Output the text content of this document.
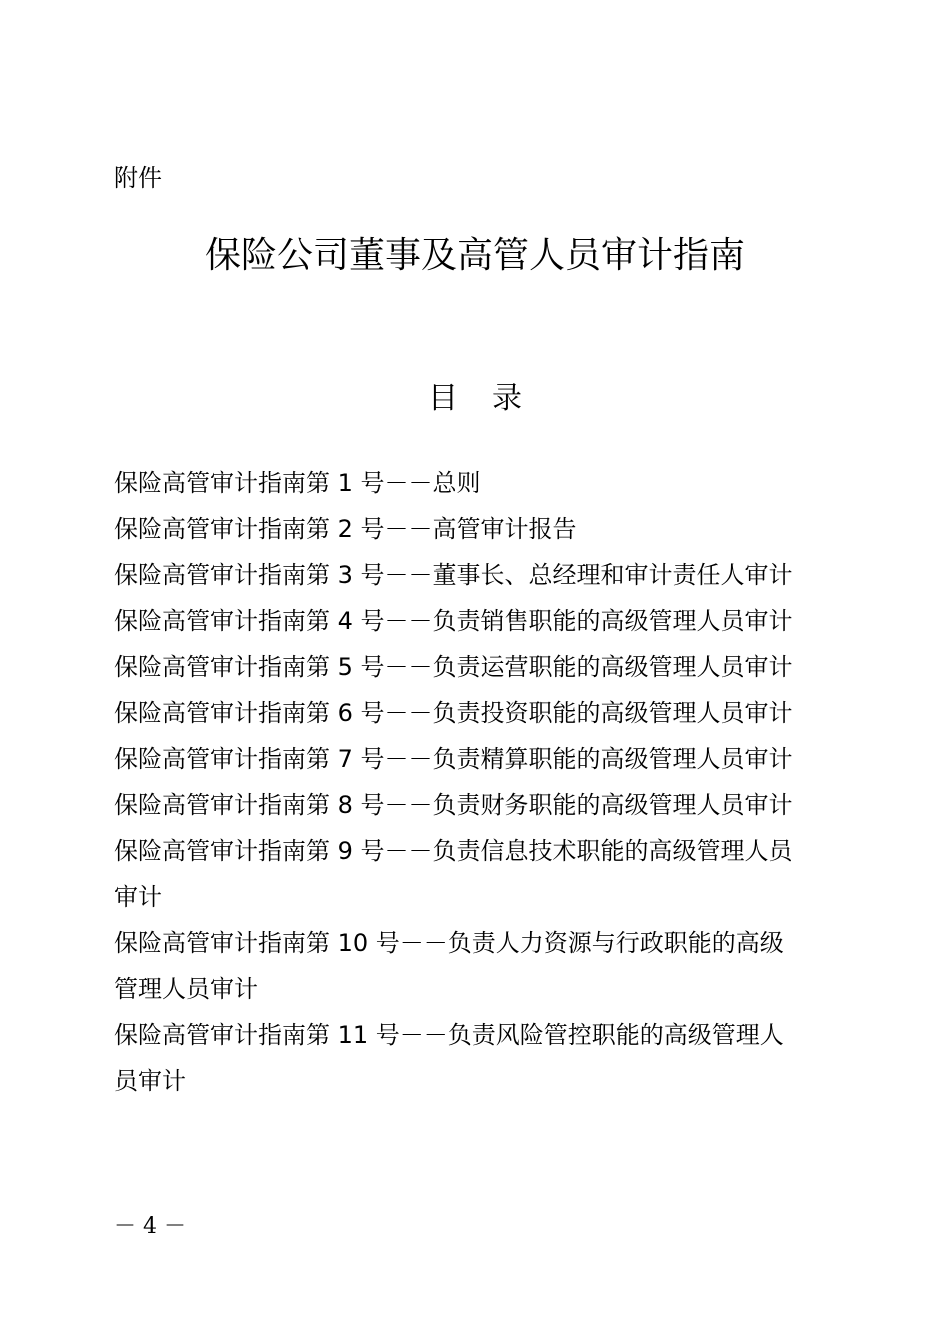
附件
保险公司董事及高管人员审计指南
目录
保险高管审计指南第 1 号－－总则
保险高管审计指南第 2 号－－高管审计报告
保险高管审计指南第 3 号－－董事长、总经理和审计责任人审计
保险高管审计指南第 4 号－－负责销售职能的高级管理人员审计
保险高管审计指南第 5 号－－负责运营职能的高级管理人员审计
保险高管审计指南第 6 号－－负责投资职能的高级管理人员审计
保险高管审计指南第 7 号－－负责精算职能的高级管理人员审计
保险高管审计指南第 8 号－－负责财务职能的高级管理人员审计
保险高管审计指南第 9 号－－负责信息技术职能的高级管理人员
审计
保险高管审计指南第 10 号－－负责人力资源与行政职能的高级
管理人员审计
保险高管审计指南第 11 号－－负责风险管控职能的高级管理人
员审计
－ 4 －
